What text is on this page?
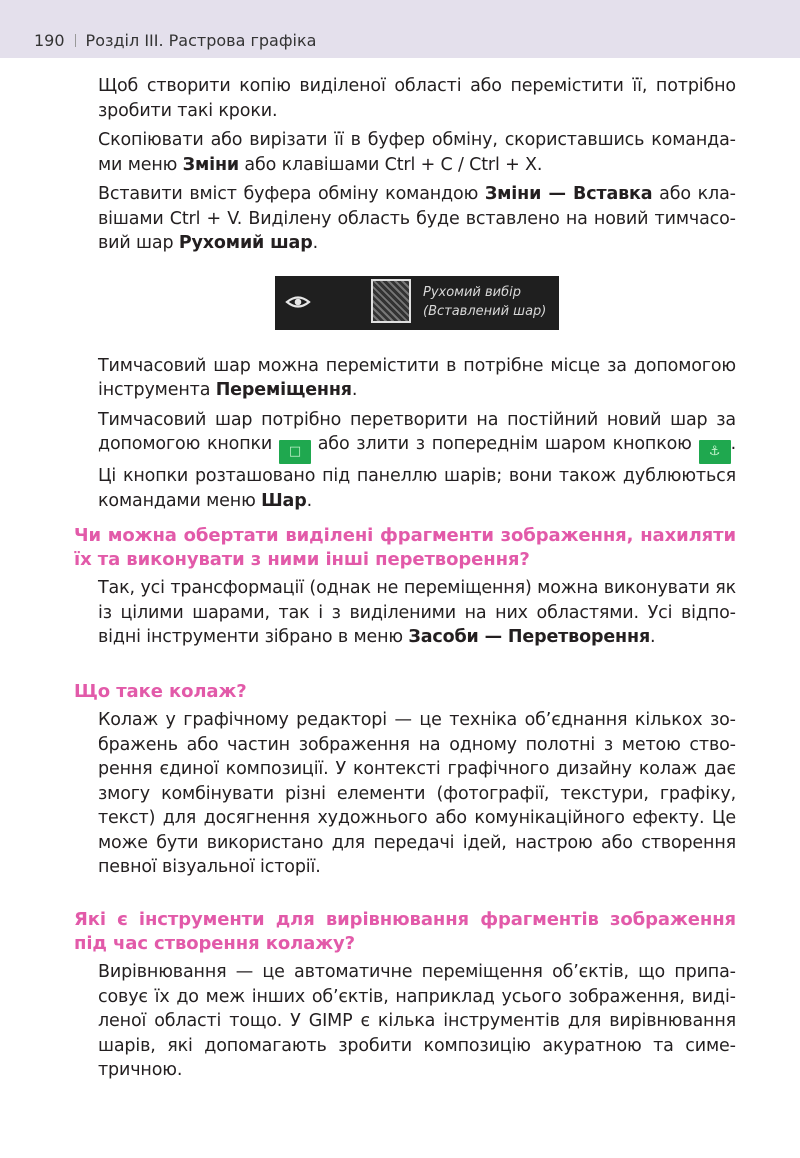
190 Розділ III. Растрова графіка

Щоб створити копію виділеної області або перемістити її, потрібно зробити такі кроки.

Скопіювати або вирізати її в буфер обміну, скориставшись командами меню Зміни або клавішами Ctrl + C / Ctrl + X.

Вставити вміст буфера обміну командою Зміни — Вставка або клавішами Ctrl + V. Виділену область буде вставлено на новий тимчасовий шар Рухомий шар.

Рухомий вибір
(Вставлений шар)

Тимчасовий шар можна перемістити в потрібне місце за допомогою інструмента Переміщення.

Тимчасовий шар потрібно перетворити на постійний новий шар за допомогою кнопки □ або злити з попереднім шаром кнопкою ⚓ . Ці кнопки розташовано під панеллю шарів; вони також дублюються командами меню Шар.

Чи можна обертати виділені фрагменти зображення, нахиляти їх та виконувати з ними інші перетворення?

Так, усі трансформації (однак не переміщення) можна виконувати як із цілими шарами, так і з виділеними на них областями. Усі відповідні інструменти зібрано в меню Засоби — Перетворення.

Що таке колаж?

Колаж у графічному редакторі — це техніка об’єднання кількох зображень або частин зображення на одному полотні з метою створення єдиної композиції. У контексті графічного дизайну колаж дає змогу комбінувати різні елементи (фотографії, текстури, графіку, текст) для досягнення художнього або комунікаційного ефекту. Це може бути використано для передачі ідей, настрою або створення певної візуальної історії.

Які є інструменти для вирівнювання фрагментів зображення під час створення колажу?

Вирівнювання — це автоматичне переміщення об’єктів, що припасовує їх до меж інших об’єктів, наприклад усього зображення, виділеної області тощо. У GIMP є кілька інструментів для вирівнювання шарів, які допомагають зробити композицію акуратною та симетричною.
